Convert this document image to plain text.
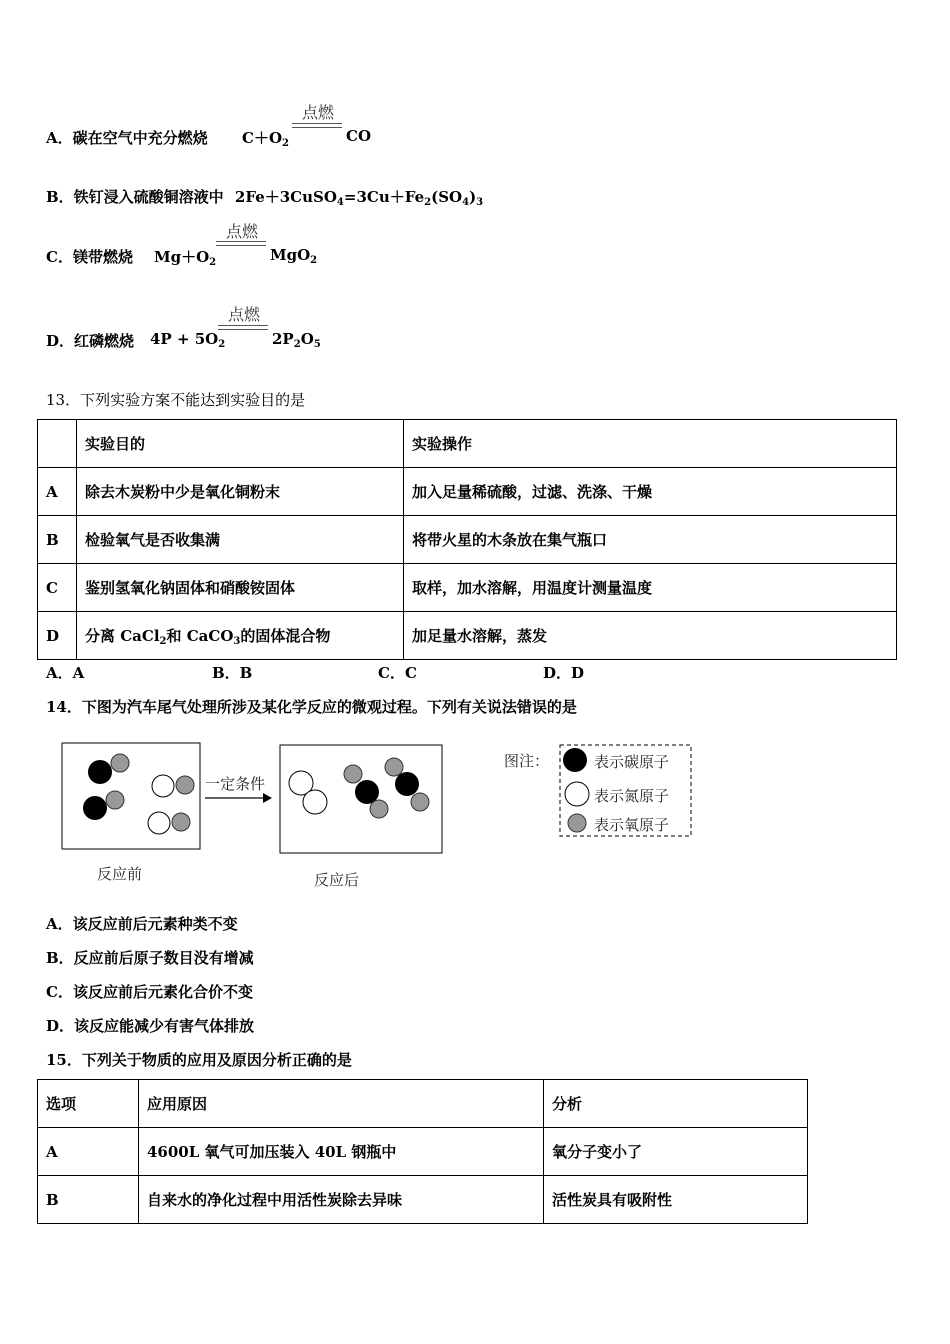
A．碳在空气中充分燃烧 $C+O_2$
点燃
CO
B．铁钉浸入硫酸铜溶液中 $2Fe+3CuSO_4=3Cu+Fe_2(SO_4)_3$
C．镁带燃烧 $Mg+O_2$
点燃
MgO$_2$
D．红磷燃烧 $4P + 5O_2$
点燃
$2P_2O_5$
13．下列实验方案不能达到实验目的是
	实验目的	实验操作
A	除去木炭粉中少是氧化铜粉末	加入足量稀硫酸，过滤、洗涤、干燥
B	检验氧气是否收集满	将带火星的木条放在集气瓶口
C	鉴别氢氧化钠固体和硝酸铵固体	取样，加水溶解，用温度计测量温度
D	分离 CaCl$_2$和 CaCO$_3$的固体混合物	加足量水溶解，蒸发
A．A	B．B	C．C	D．D
14．下图为汽车尾气处理所涉及某化学反应的微观过程。下列有关说法错误的是
一定条件
反应前	反应后
图注：	表示碳原子
表示氮原子
表示氧原子
A．该反应前后元素种类不变
B．反应前后原子数目没有增减
C．该反应前后元素化合价不变
D．该反应能减少有害气体排放
15．下列关于物质的应用及原因分析正确的是
选项	应用原因	分析
A	4600L 氧气可加压装入 40L 钢瓶中	氧分子变小了
B	自来水的净化过程中用活性炭除去异味	活性炭具有吸附性
